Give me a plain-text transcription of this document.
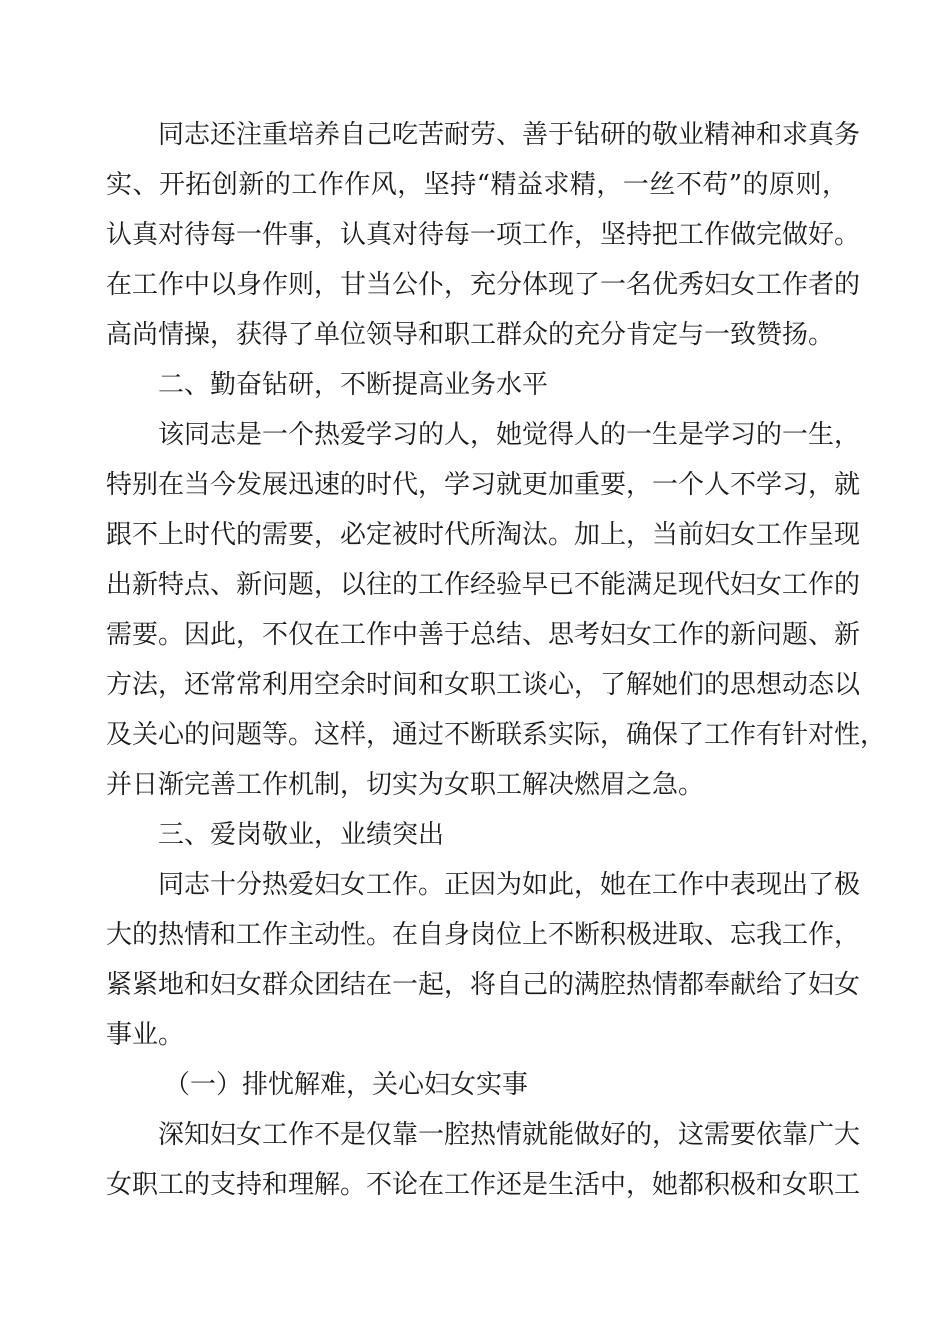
同志还注重培养自己吃苦耐劳、善于钻研的敬业精神和求真务
实、开拓创新的工作作风，坚持“精益求精，一丝不苟”的原则，
认真对待每一件事，认真对待每一项工作，坚持把工作做完做好。
在工作中以身作则，甘当公仆，充分体现了一名优秀妇女工作者的
高尚情操，获得了单位领导和职工群众的充分肯定与一致赞扬。
二、勤奋钻研，不断提高业务水平
该同志是一个热爱学习的人，她觉得人的一生是学习的一生，
特别在当今发展迅速的时代，学习就更加重要，一个人不学习，就
跟不上时代的需要，必定被时代所淘汰。加上，当前妇女工作呈现
出新特点、新问题，以往的工作经验早已不能满足现代妇女工作的
需要。因此，不仅在工作中善于总结、思考妇女工作的新问题、新
方法，还常常利用空余时间和女职工谈心，了解她们的思想动态以
及关心的问题等。这样，通过不断联系实际，确保了工作有针对性，
并日渐完善工作机制，切实为女职工解决燃眉之急。
三、爱岗敬业，业绩突出
同志十分热爱妇女工作。正因为如此，她在工作中表现出了极
大的热情和工作主动性。在自身岗位上不断积极进取、忘我工作，
紧紧地和妇女群众团结在一起，将自己的满腔热情都奉献给了妇女
事业。
（一）排忧解难，关心妇女实事
深知妇女工作不是仅靠一腔热情就能做好的，这需要依靠广大
女职工的支持和理解。不论在工作还是生活中，她都积极和女职工
